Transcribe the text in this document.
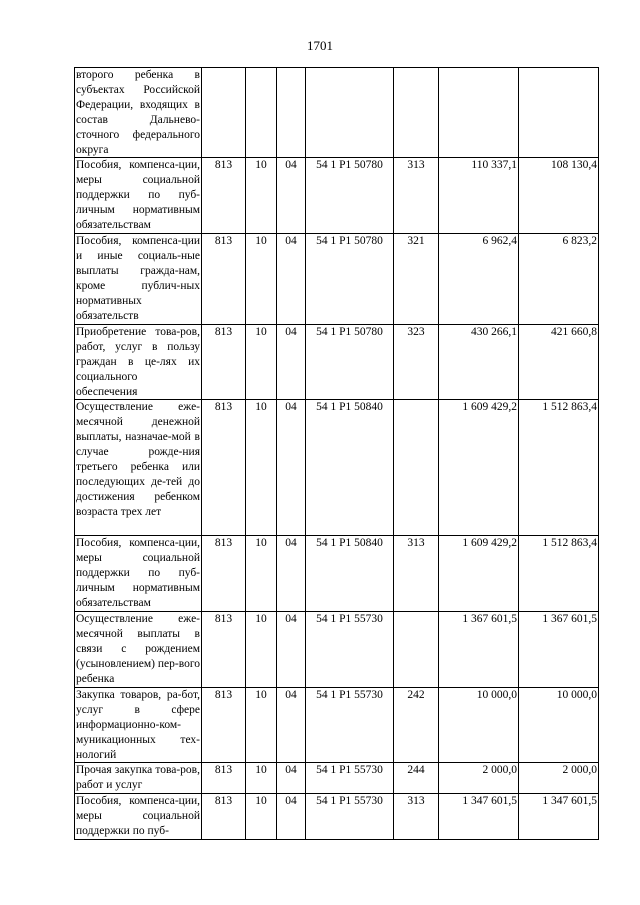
1701
второго ребенка в субъектах Российской Федерации, входящих в состав Дальнево-сточного федерального округа							
Пособия, компенса-ции, меры социальной поддержки по пуб-личным нормативным обязательствам	813	10	04	54 1 P1 50780	313	110 337,1	108 130,4
Пособия, компенса-ции и иные социаль-ные выплаты гражда-нам, кроме публич-ных нормативных обязательств	813	10	04	54 1 P1 50780	321	6 962,4	6 823,2
Приобретение това-ров, работ, услуг в пользу граждан в це-лях их социального обеспечения	813	10	04	54 1 P1 50780	323	430 266,1	421 660,8
Осуществление еже-месячной денежной выплаты, назначае-мой в случае рожде-ния третьего ребенка или последующих де-тей до достижения ребенком возраста трех лет	813	10	04	54 1 P1 50840		1 609 429,2	1 512 863,4
Пособия, компенса-ции, меры социальной поддержки по пуб-личным нормативным обязательствам	813	10	04	54 1 P1 50840	313	1 609 429,2	1 512 863,4
Осуществление еже-месячной выплаты в связи с рождением (усыновлением) пер-вого ребенка	813	10	04	54 1 P1 55730		1 367 601,5	1 367 601,5
Закупка товаров, ра-бот, услуг в сфере информационно-ком-муникационных тех-нологий	813	10	04	54 1 P1 55730	242	10 000,0	10 000,0
Прочая закупка това-ров, работ и услуг	813	10	04	54 1 P1 55730	244	2 000,0	2 000,0
Пособия, компенса-ции, меры социальной поддержки по пуб-	813	10	04	54 1 P1 55730	313	1 347 601,5	1 347 601,5
